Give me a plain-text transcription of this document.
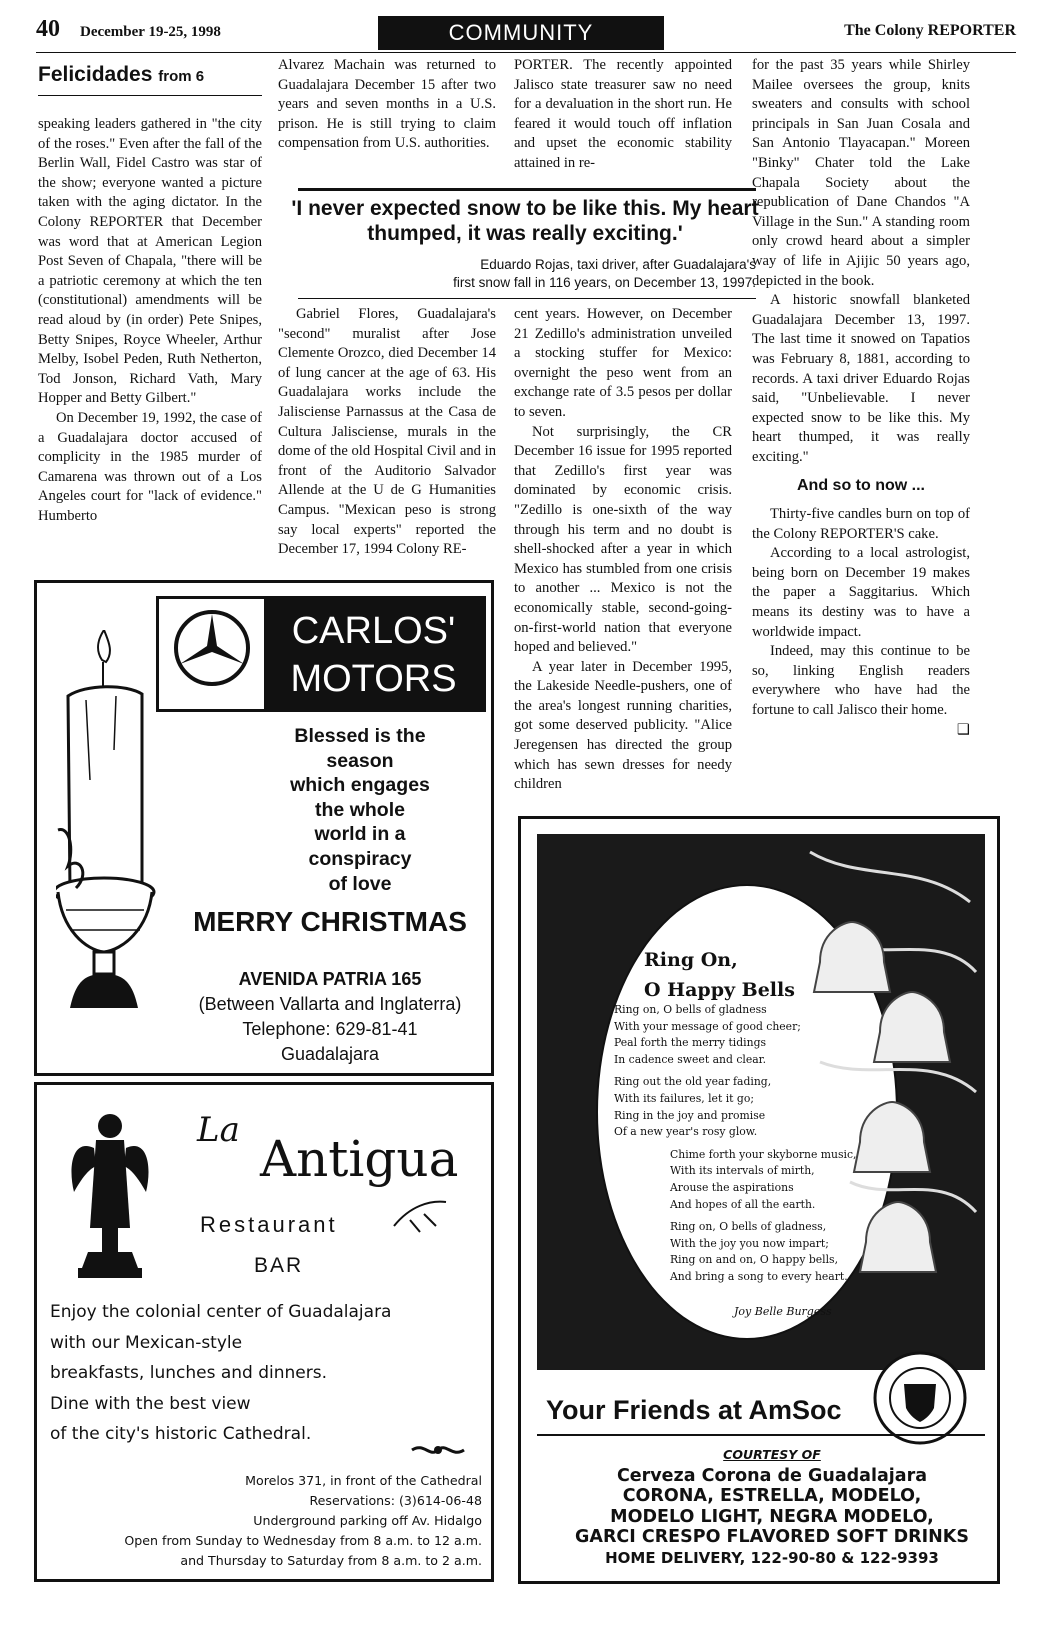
40 December 19-25, 1998	COMMUNITY	The Colony REPORTER
Felicidades from 6

speaking leaders gathered in "the city of the roses." Even after the fall of the Berlin Wall, Fidel Castro was star of the show; everyone wanted a picture taken with the aging dictator. In the Colony REPORTER that December was word that at American Legion Post Seven of Chapala, "there will be a patriotic ceremony at which the ten (constitutional) amendments will be read aloud by (in order) Pete Snipes, Betty Snipes, Royce Wheeler, Arthur Melby, Isobel Peden, Ruth Netherton, Tod Jonson, Richard Vath, Mary Hopper and Betty Gilbert."

On December 19, 1992, the case of a Guadalajara doctor accused of complicity in the 1985 murder of Camarena was thrown out of a Los Angeles court for "lack of evidence." Humberto

Alvarez Machain was returned to Guadalajara December 15 after two years and seven months in a U.S. prison. He is still trying to claim compensation from U.S. authorities.

PORTER. The recently appointed Jalisco state treasurer saw no need for a devaluation in the short run. He feared it would touch off inflation and upset the economic stability attained in re-

'I never expected snow to be like this. My heart thumped, it was really exciting.'
Eduardo Rojas, taxi driver, after Guadalajara's
first snow fall in 116 years, on December 13, 1997.

Gabriel Flores, Guadalajara's "second" muralist after Jose Clemente Orozco, died December 14 of lung cancer at the age of 63. His Guadalajara works include the Jalisciense Parnassus at the Casa de Cultura Jalisciense, murals in the dome of the old Hospital Civil and in front of the Auditorio Salvador Allende at the U de G Humanities Campus. "Mexican peso is strong say local experts" reported the December 17, 1994 Colony RE-

cent years. However, on December 21 Zedillo's administration unveiled a stocking stuffer for Mexico: overnight the peso went from an exchange rate of 3.5 pesos per dollar to seven.

Not surprisingly, the CR December 16 issue for 1995 reported that Zedillo's first year was dominated by economic crisis. "Zedillo is one-sixth of the way through his term and no doubt is shell-shocked after a year in which Mexico has stumbled from one crisis to another ... Mexico is not the economically stable, second-going-on-first-world nation that everyone hoped and believed."

A year later in December 1995, the Lakeside Needle-pushers, one of the area's longest running charities, got some deserved publicity. "Alice Jeregensen has directed the group which has sewn dresses for needy children

for the past 35 years while Shirley Mailee oversees the group, knits sweaters and consults with school principals in San Juan Cosala and San Antonio Tlayacapan." Moreen "Binky" Chater told the Lake Chapala Society about the republication of Dane Chandos "A Village in the Sun." A standing room only crowd heard about a simpler way of life in Ajijic 50 years ago, depicted in the book.

A historic snowfall blanketed Guadalajara December 13, 1997. The last time it snowed on Tapatios was February 8, 1881, according to records. A taxi driver Eduardo Rojas said, "Unbelievable. I never expected snow to be like this. My heart thumped, it was really exciting."

And so to now ...

Thirty-five candles burn on top of the Colony REPORTER'S cake.

According to a local astrologist, being born on December 19 makes the paper a Saggitarius. Which means its destiny was to have a worldwide impact.

Indeed, may this continue to be so, linking English readers everywhere who have had the fortune to call Jalisco their home.
❑

CARLOS'
MOTORS
Blessed is the
season
which engages
the whole
world in a
conspiracy
of love
MERRY CHRISTMAS
AVENIDA PATRIA 165
(Between Vallarta and Inglaterra)
Telephone: 629-81-41
Guadalajara
La Antigua
Restaurant
BAR
Enjoy the colonial center of Guadalajara
with our Mexican-style
breakfasts, lunches and dinners.
Dine with the best view
of the city's historic Cathedral.
Morelos 371, in front of the Cathedral
Reservations: (3)614-06-48
Underground parking off Av. Hidalgo
Open from Sunday to Wednesday from 8 a.m. to 12 a.m.
and Thursday to Saturday from 8 a.m. to 2 a.m.
Ring On,
O Happy Bells
Ring on, O bells of gladness
With your message of good cheer;
Peal forth the merry tidings
In cadence sweet and clear.
Ring out the old year fading,
With its failures, let it go;
Ring in the joy and promise
Of a new year's rosy glow.
Chime forth your skyborne music,
With its intervals of mirth,
Arouse the aspirations
And hopes of all the earth.
Ring on, O bells of gladness,
With the joy you now impart;
Ring on and on, O happy bells,
And bring a song to every heart.
Joy Belle Burgess
Your Friends at AmSoc
COURTESY OF
Cerveza Corona de Guadalajara
CORONA, ESTRELLA, MODELO,
MODELO LIGHT, NEGRA MODELO,
GARCI CRESPO FLAVORED SOFT DRINKS
HOME DELIVERY, 122-90-80 & 122-9393
